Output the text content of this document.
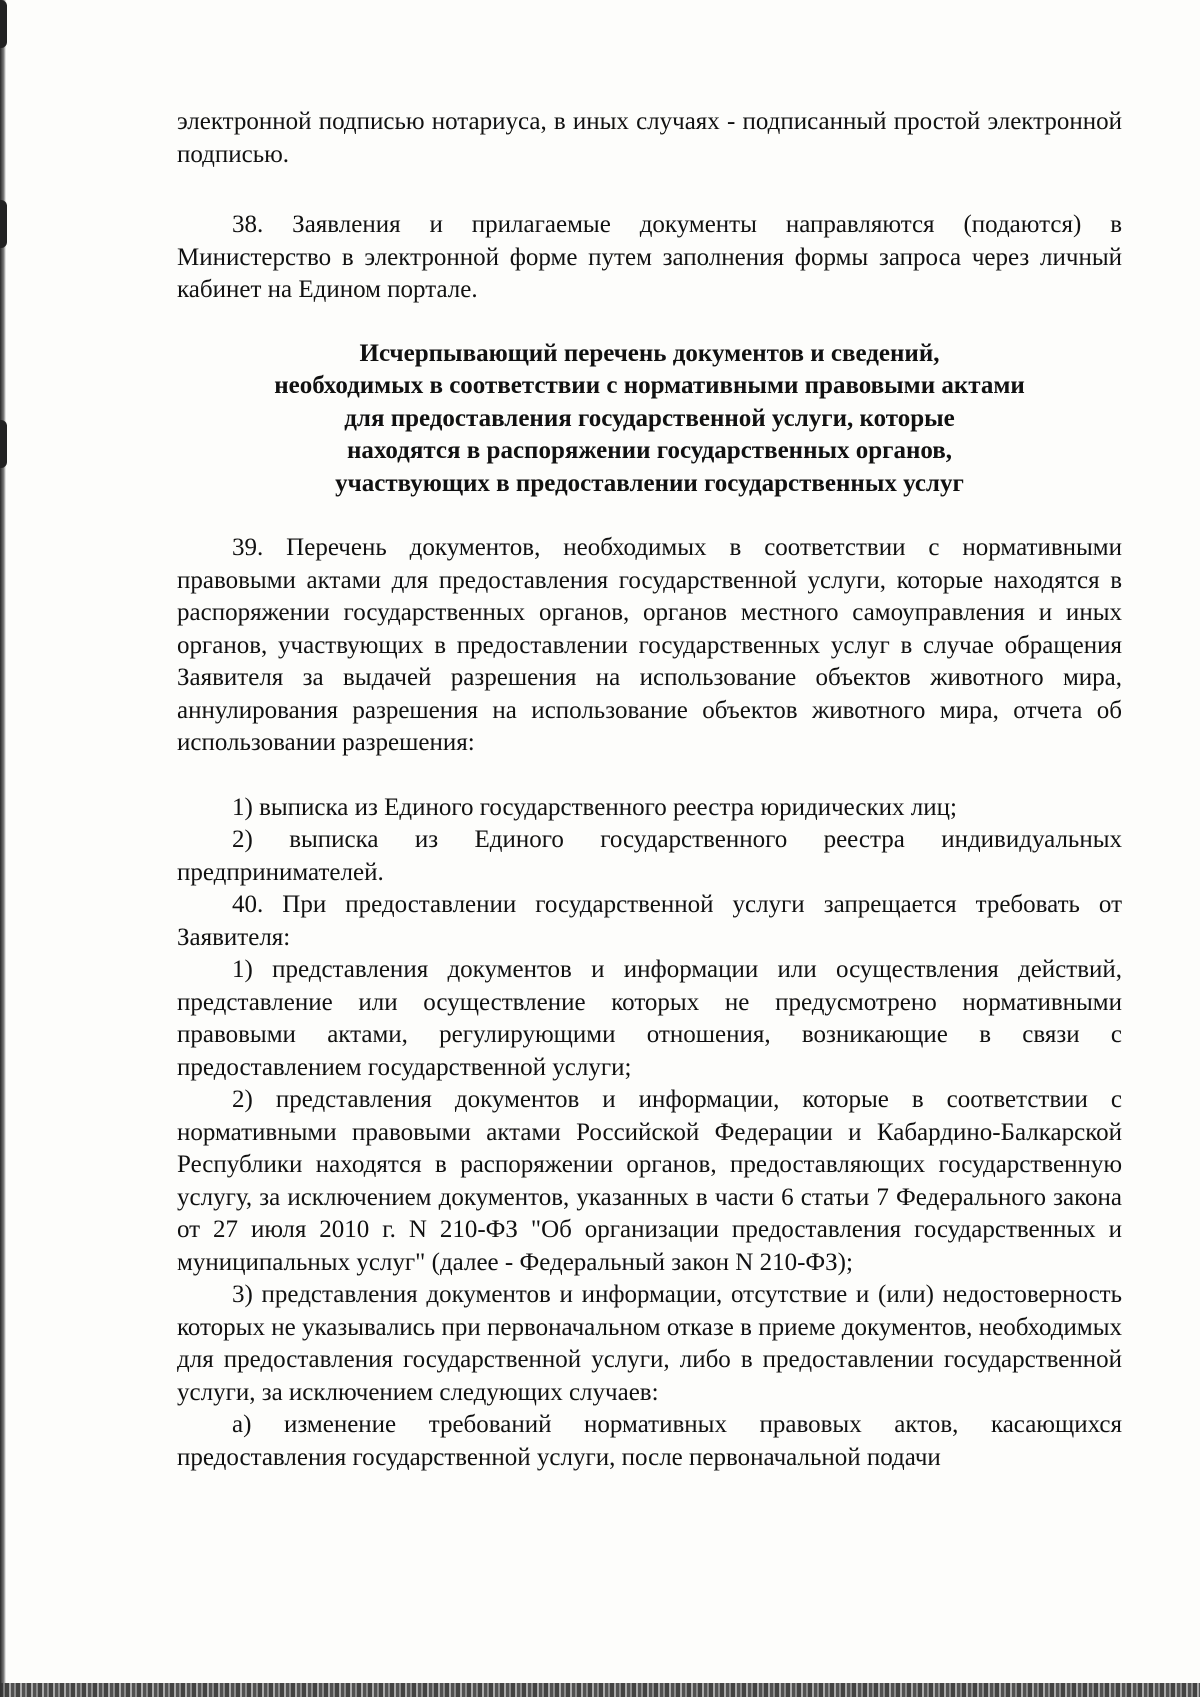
электронной подписью нотариуса, в иных случаях - подписанный простой электронной подписью.

38. Заявления и прилагаемые документы направляются (подаются) в Министерство в электронной форме путем заполнения формы запроса через личный кабинет на Едином портале.

Исчерпывающий перечень документов и сведений,
необходимых в соответствии с нормативными правовыми актами
для предоставления государственной услуги, которые
находятся в распоряжении государственных органов,
участвующих в предоставлении государственных услуг

39. Перечень документов, необходимых в соответствии с нормативными правовыми актами для предоставления государственной услуги, которые находятся в распоряжении государственных органов, органов местного самоуправления и иных органов, участвующих в предоставлении государственных услуг в случае обращения Заявителя за выдачей разрешения на использование объектов животного мира, аннулирования разрешения на использование объектов животного мира, отчета об использовании разрешения:

1) выписка из Единого государственного реестра юридических лиц;

2) выписка из Единого государственного реестра индивидуальных предпринимателей.

40. При предоставлении государственной услуги запрещается требовать от Заявителя:

1) представления документов и информации или осуществления действий, представление или осуществление которых не предусмотрено нормативными правовыми актами, регулирующими отношения, возникающие в связи с предоставлением государственной услуги;

2) представления документов и информации, которые в соответствии с нормативными правовыми актами Российской Федерации и Кабардино-Балкарской Республики находятся в распоряжении органов, предоставляющих государственную услугу, за исключением документов, указанных в части 6 статьи 7 Федерального закона от 27 июля 2010 г. N 210-ФЗ "Об организации предоставления государственных и муниципальных услуг" (далее - Федеральный закон N 210-ФЗ);

3) представления документов и информации, отсутствие и (или) недостоверность которых не указывались при первоначальном отказе в приеме документов, необходимых для предоставления государственной услуги, либо в предоставлении государственной услуги, за исключением следующих случаев:

а) изменение требований нормативных правовых актов, касающихся предоставления государственной услуги, после первоначальной подачи
